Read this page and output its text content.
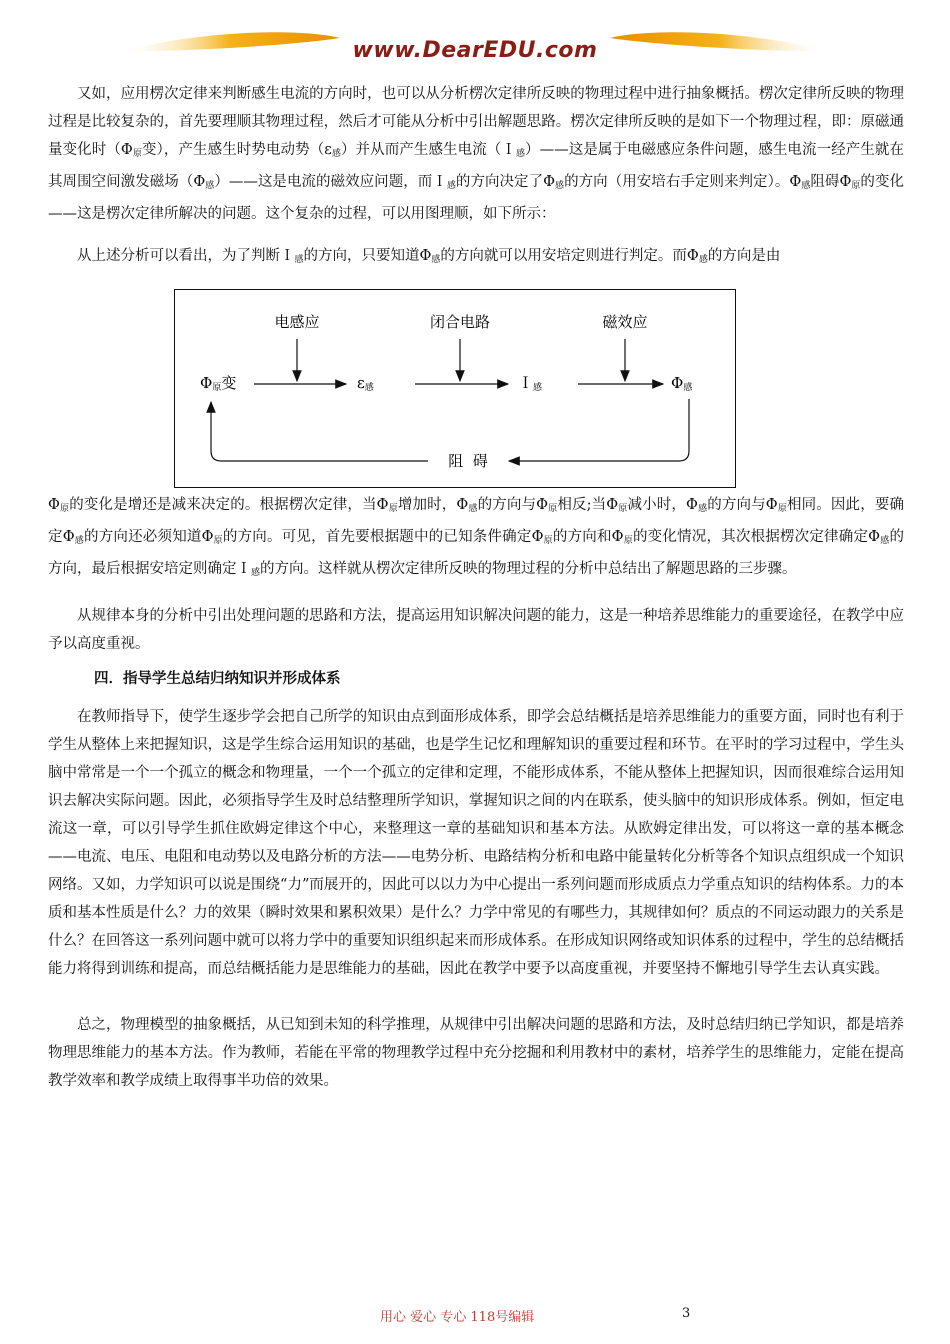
www.DearEDU.com

又如，应用楞次定律来判断感生电流的方向时，也可以从分析楞次定律所反映的物理过程中进行抽象概括。楞次定律所反映的物理过程是比较复杂的，首先要理顺其物理过程，然后才可能从分析中引出解题思路。楞次定律所反映的是如下一个物理过程，即：原磁通量变化时（$\Phi_原$变），产生感生时势电动势$(\varepsilon_感)$并从而产生感生电流（Ｉ$_感$）——这是属于电磁感应条件问题，感生电流一经产生就在其周围空间激发磁场$(\Phi_感)——$这是电流的磁效应问题，而Ｉ$_感$的方向决定了$\Phi_感$的方向（用安培右手定则来判定）。$\Phi_感$阻碍$\Phi_原$的变化——这是楞次定律所解决的问题。这个复杂的过程，可以用图理顺，如下所示：

从上述分析可以看出，为了判断Ｉ$_感$的方向，只要知道$\Phi_感$的方向就可以用安培定则进行判定。而$\Phi_感$的方向是由

电感应	闭合电路	磁效应
Φ原变	ε感	Ｉ感	Φ感
阻  碍

$\Phi_原$的变化是增还是减来决定的。根据楞次定律，当$\Phi_原$增加时，$\Phi_感$的方向与$\Phi_原$相反;当$\Phi_原$减小时，$\Phi_感$的方向与$\Phi_原$相同。因此，要确定$\Phi_感$的方向还必须知道$\Phi_原$的方向。可见，首先要根据题中的已知条件确定$\Phi_原$的方向和$\Phi_原$的变化情况，其次根据楞次定律确定$\Phi_感$的方向，最后根据安培定则确定Ｉ$_感$的方向。这样就从楞次定律所反映的物理过程的分析中总结出了解题思路的三步骤。

从规律本身的分析中引出处理问题的思路和方法，提高运用知识解决问题的能力，这是一种培养思维能力的重要途径，在教学中应予以高度重视。

四．指导学生总结归纳知识并形成体系

在教师指导下，使学生逐步学会把自己所学的知识由点到面形成体系，即学会总结概括是培养思维能力的重要方面，同时也有利于学生从整体上来把握知识，这是学生综合运用知识的基础，也是学生记忆和理解知识的重要过程和环节。在平时的学习过程中，学生头脑中常常是一个一个孤立的概念和物理量，一个一个孤立的定律和定理，不能形成体系，不能从整体上把握知识，因而很难综合运用知识去解决实际问题。因此，必须指导学生及时总结整理所学知识，掌握知识之间的内在联系，使头脑中的知识形成体系。例如，恒定电流这一章，可以引导学生抓住欧姆定律这个中心，来整理这一章的基础知识和基本方法。从欧姆定律出发，可以将这一章的基本概念——电流、电压、电阻和电动势以及电路分析的方法——电势分析、电路结构分析和电路中能量转化分析等各个知识点组织成一个知识网络。又如，力学知识可以说是围绕“力”而展开的，因此可以以力为中心提出一系列问题而形成质点力学重点知识的结构体系。力的本质和基本性质是什么？力的效果（瞬时效果和累积效果）是什么？力学中常见的有哪些力，其规律如何？质点的不同运动跟力的关系是什么？在回答这一系列问题中就可以将力学中的重要知识组织起来而形成体系。在形成知识网络或知识体系的过程中，学生的总结概括能力将得到训练和提高，而总结概括能力是思维能力的基础，因此在教学中要予以高度重视，并要坚持不懈地引导学生去认真实践。

总之，物理模型的抽象概括，从已知到未知的科学推理，从规律中引出解决问题的思路和方法，及时总结归纳已学知识，都是培养物理思维能力的基本方法。作为教师，若能在平常的物理教学过程中充分挖掘和利用教材中的素材，培养学生的思维能力，定能在提高教学效率和教学成绩上取得事半功倍的效果。

用心 爱心 专心 118号编辑	3
